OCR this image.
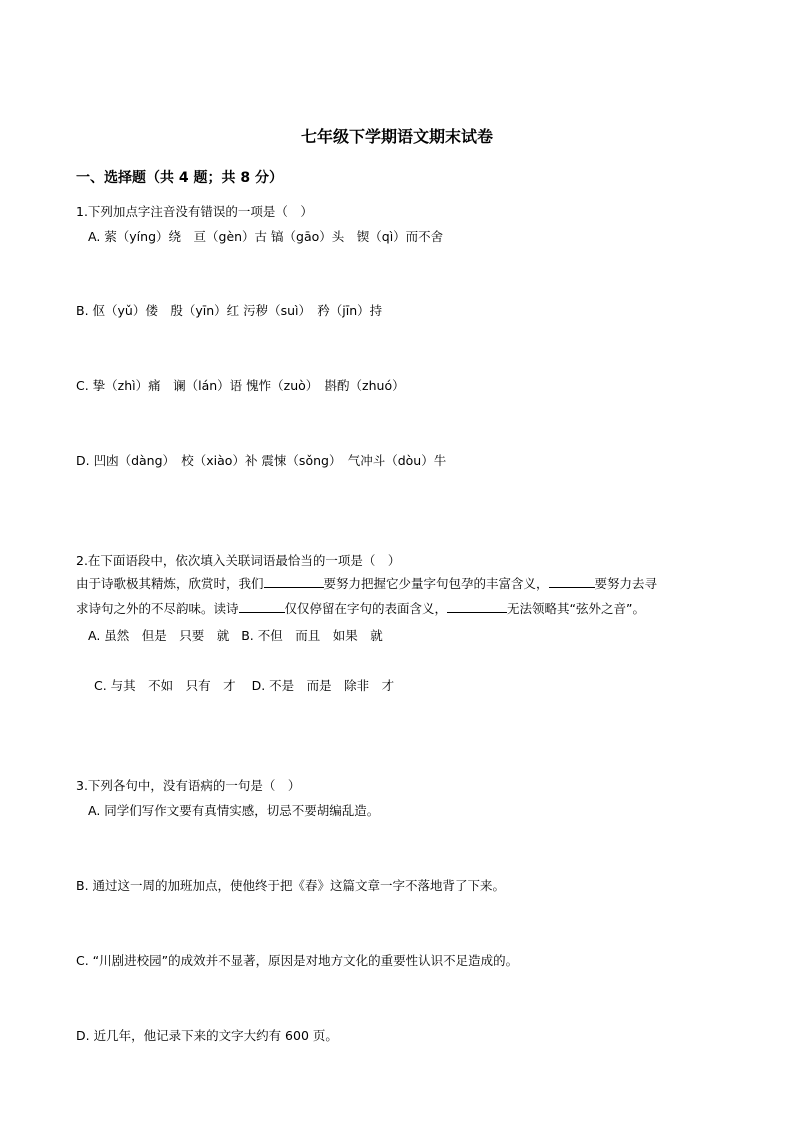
七年级下学期语文期末试卷
一、选择题（共 4 题；共 8 分）
1.下列加点字注音没有错误的一项是（　）
A. 萦（yíng）绕　亘（gèn）古 镐（gāo）头　锲（qì）而不舍
B. 伛（yǔ）偻　殷（yīn）红 污秽（suì）　矜（jīn）持
C. 挚（zhì）痛　谰（lán）语 愧怍（zuò）　斟酌（zhuó）
D. 凹凼（dàng）　校（xiào）补 震悚（sǒng）　气冲斗（dòu）牛
2.在下面语段中，依次填入关联词语最恰当的一项是（　）
由于诗歌极其精炼，欣赏时，我们	要努力把握它少量字句包孕的丰富含义，	要努力去寻
求诗句之外的不尽韵味。读诗	仅仅停留在字句的表面含义，	无法领略其“弦外之音”。
A. 虽然　但是　只要　就 B. 不但　而且　如果　就
C. 与其　不如　只有　才 D. 不是　而是　除非　才
3.下列各句中，没有语病的一句是（　）
A. 同学们写作文要有真情实感，切忌不要胡编乱造。
B. 通过这一周的加班加点，使他终于把《春》这篇文章一字不落地背了下来。
C. “川剧进校园”的成效并不显著，原因是对地方文化的重要性认识不足造成的。
D. 近几年，他记录下来的文字大约有 600 页。
